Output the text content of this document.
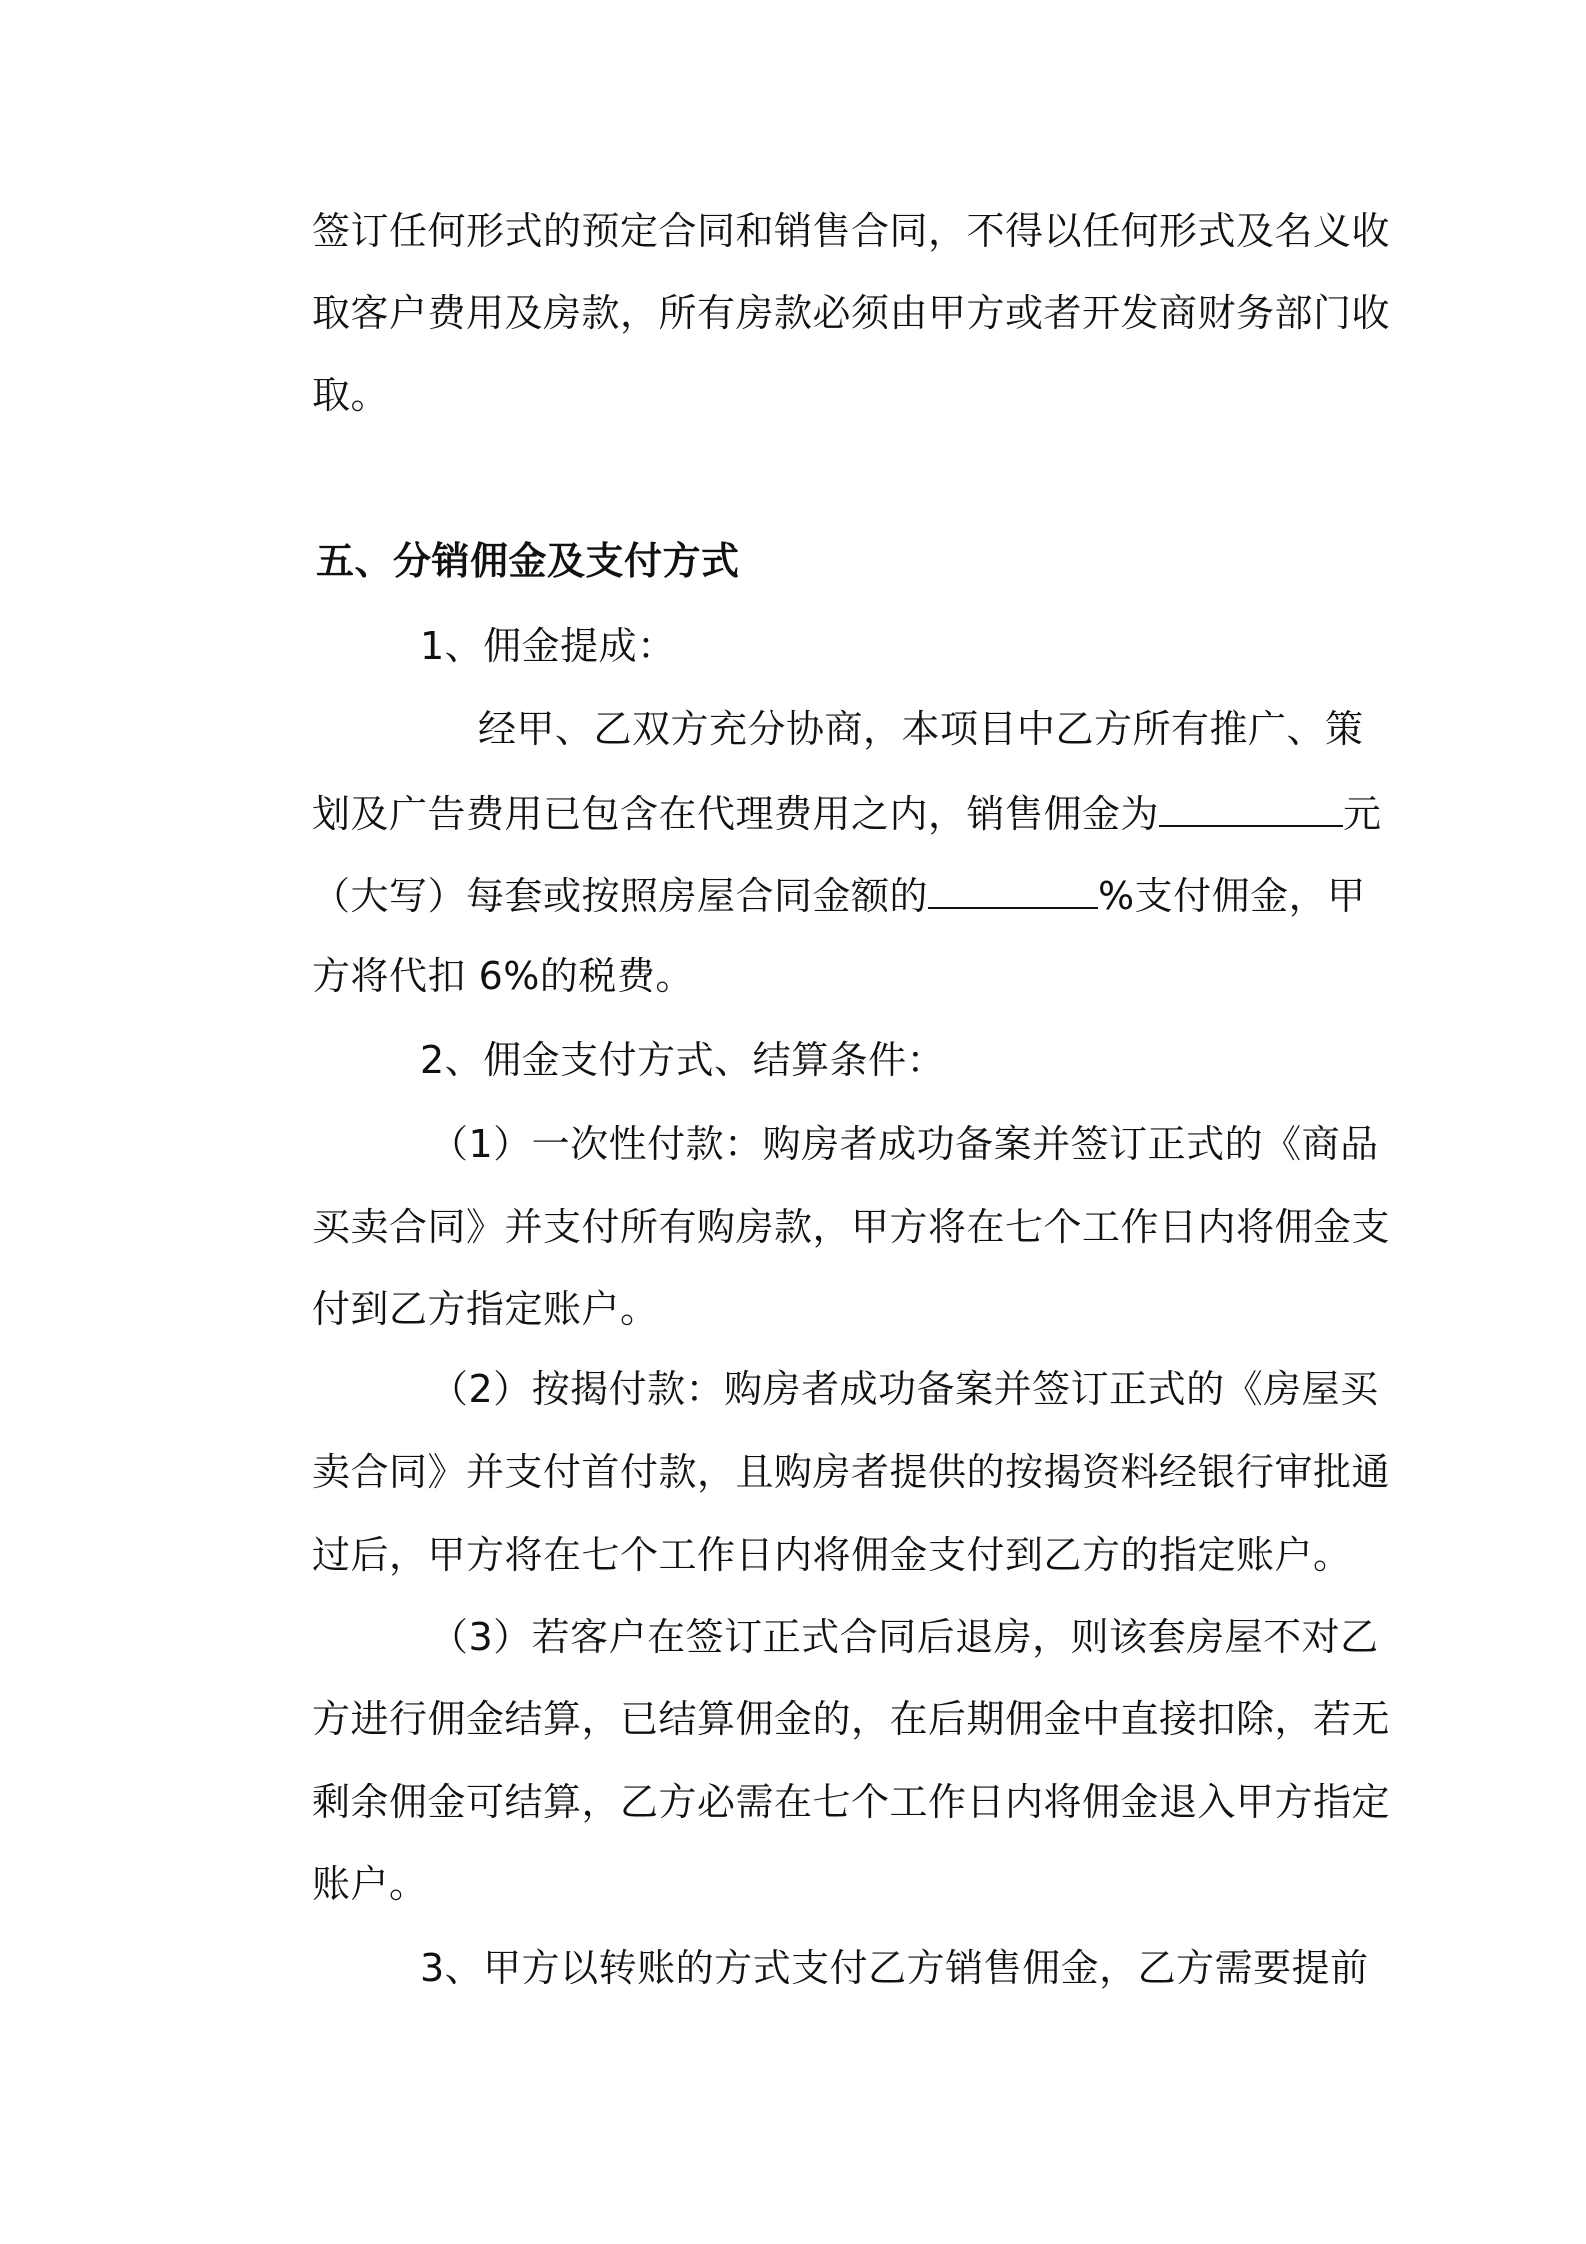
签订任何形式的预定合同和销售合同，不得以任何形式及名义收
取客户费用及房款，所有房款必须由甲方或者开发商财务部门收
取。
五、分销佣金及支付方式
1、佣金提成：
经甲、乙双方充分协商，本项目中乙方所有推广、策
划及广告费用已包含在代理费用之内，销售佣金为	元
（大写）每套或按照房屋合同金额的	%支付佣金，甲
方将代扣 6%的税费。
2、佣金支付方式、结算条件：
（1）一次性付款：购房者成功备案并签订正式的《商品
买卖合同》并支付所有购房款，甲方将在七个工作日内将佣金支
付到乙方指定账户。
（2）按揭付款：购房者成功备案并签订正式的《房屋买
卖合同》并支付首付款，且购房者提供的按揭资料经银行审批通
过后，甲方将在七个工作日内将佣金支付到乙方的指定账户。
（3）若客户在签订正式合同后退房，则该套房屋不对乙
方进行佣金结算，已结算佣金的，在后期佣金中直接扣除，若无
剩余佣金可结算，乙方必需在七个工作日内将佣金退入甲方指定
账户。
3、甲方以转账的方式支付乙方销售佣金，乙方需要提前
